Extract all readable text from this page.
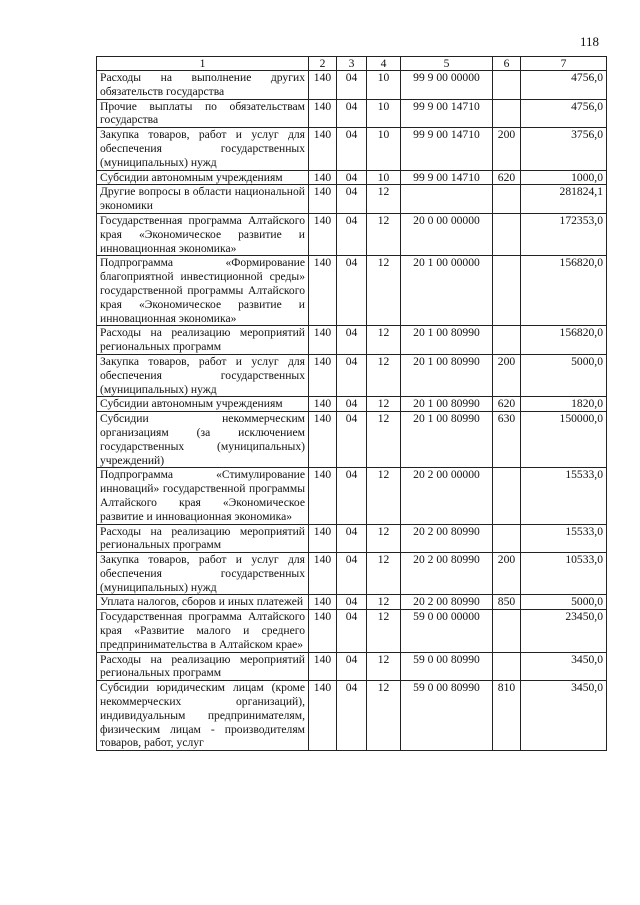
118
1	2	3	4	5	6	7
Расходы на выполнение других обязательств государства	140	04	10	99 9 00 00000		4756,0
Прочие выплаты по обязательствам государства	140	04	10	99 9 00 14710		4756,0
Закупка товаров, работ и услуг для обеспечения государственных (муниципальных) нужд	140	04	10	99 9 00 14710	200	3756,0
Субсидии автономным учреждениям	140	04	10	99 9 00 14710	620	1000,0
Другие вопросы в области национальной экономики	140	04	12			281824,1
Государственная программа Алтайского края «Экономическое развитие и инновационная экономика»	140	04	12	20 0 00 00000		172353,0
Подпрограмма «Формирование благоприятной инвестиционной среды» государственной программы Алтайского края «Экономическое развитие и инновационная экономика»	140	04	12	20 1 00 00000		156820,0
Расходы на реализацию мероприятий региональных программ	140	04	12	20 1 00 80990		156820,0
Закупка товаров, работ и услуг для обеспечения государственных (муниципальных) нужд	140	04	12	20 1 00 80990	200	5000,0
Субсидии автономным учреждениям	140	04	12	20 1 00 80990	620	1820,0
Субсидии некоммерческим организациям (за исключением государственных (муниципальных) учреждений)	140	04	12	20 1 00 80990	630	150000,0
Подпрограмма «Стимулирование инноваций» государственной программы Алтайского края «Экономическое развитие и инновационная экономика»	140	04	12	20 2 00 00000		15533,0
Расходы на реализацию мероприятий региональных программ	140	04	12	20 2 00 80990		15533,0
Закупка товаров, работ и услуг для обеспечения государственных (муниципальных) нужд	140	04	12	20 2 00 80990	200	10533,0
Уплата налогов, сборов и иных платежей	140	04	12	20 2 00 80990	850	5000,0
Государственная программа Алтайского края «Развитие малого и среднего предпринимательства в Алтайском крае»	140	04	12	59 0 00 00000		23450,0
Расходы на реализацию мероприятий региональных программ	140	04	12	59 0 00 80990		3450,0
Субсидии юридическим лицам (кроме некоммерческих организаций), индивидуальным предпринимателям, физическим лицам - производителям товаров, работ, услуг	140	04	12	59 0 00 80990	810	3450,0
